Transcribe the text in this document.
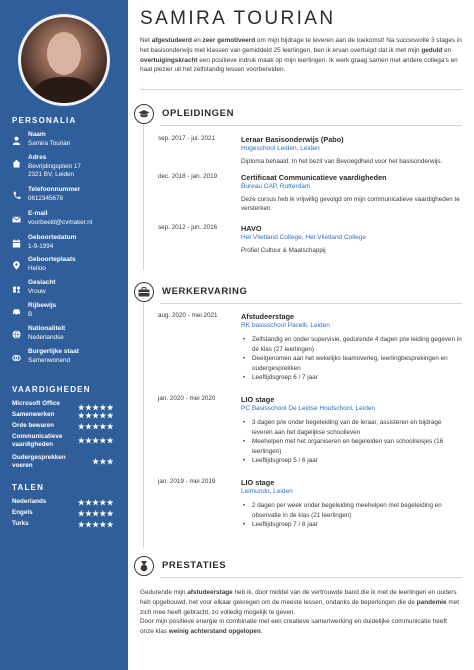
PERSONALIA
Naam
Samira Tourian
Adres
Bevrijdingsplein 17
2321 BV, Leiden
Telefoonnummer
0612345678
E-mail
voorbeeld@cvmaker.nl
Geboortedatum
1-9-1994
Geboorteplaats
Heiloo
Geslacht
Vrouw
Rijbewijs
B
Nationaliteit
Nederlandse
Burgerlijke staat
Samenwonend
VAARDIGHEDEN
Microsoft Office	★★★★★
Samenwerken	★★★★★
Orde bewaren	★★★★★
Communicatieve vaardigheden	★★★★★
Oudergesprekken voeren	★★★
TALEN
Nederlands	★★★★★
Engels	★★★★★
Turks	★★★★★
SAMIRA TOURIAN
Net afgestudeerd en zeer gemotiveerd om mijn bijdrage te leveren aan de toekomst! Na succesvolle 3 stages in het basisonderwijs met klassen van gemiddeld 25 leerlingen, ben ik ervan overtuigd dat ik met mijn geduld en overtuigingskracht een positieve indruk maak op mijn leerlingen. Ik werk graag samen met andere collega's en haal plezier uit het zelfstandig lessen voorbereiden.
OPLEIDINGEN
sep. 2017 - jul. 2021	Leraar Basisonderwijs (Pabo)
Hogeschool Leiden, Leiden
Diploma behaald. In het bezit van Bevoegdheid voor het basisonderwijs.
dec. 2018 - jan. 2019	Certificaat Communicatieve vaardigheden
Bureau CAP, Rotterdam
Deze cursus heb ik vrijwillig gevolgd om mijn communicatieve vaardigheden te versterken.
sep. 2012 - jun. 2016	HAVO
Het Vlietland College, Het Vlietland College
Profiel Cultuur & Maatschappij
WERKERVARING
aug. 2020 - mei 2021	Afstudeerstage
RK basisschool Pacelli, Leiden
• Zelfstandig en onder supervisie, gedurende 4 dagen p/w leiding gegeven in de klas (27 leerlingen)
• Deelgenomen aan het wekelijks teamoverleg, leerlingbesprekingen en oudergesprekken
• Leeftijdsgroep 6 / 7 jaar
jan. 2020 - mei 2020	LIO stage
PC Basisschool De Leidse Houtschool, Leiden
• 3 dagen p/w onder begeleiding van de leraar, assisteren en bijdrage leveren aan het dagelijkse schoolleven
• Meehelpen met het organiseren en begeleiden van schoolreisjes (16 leerlingen)
• Leeftijdsgroep 5 / 6 jaar
jan. 2019 - mei 2019	LIO stage
Leimundo, Leiden
• 2 dagen per week onder begeleiding meehelpen met begeleiding en observatie in de klas (21 leerlingen)
• Leeftijdsgroep 7 / 8 jaar
PRESTATIES
Gedurende mijn afstudeerstage heb ik, door middel van de vertrouwde band die ik met de leerlingen en ouders heb opgebouwd, het voor elkaar gekregen om de meeste lessen, ondanks de beperkingen die de pandemie met zich mee heeft gebracht, zo volledig mogelijk te geven.
Door mijn positieve energie in combinatie met een creatieve samenwerking en duidelijke communicatie heeft onze klas weinig achterstand opgelopen.
